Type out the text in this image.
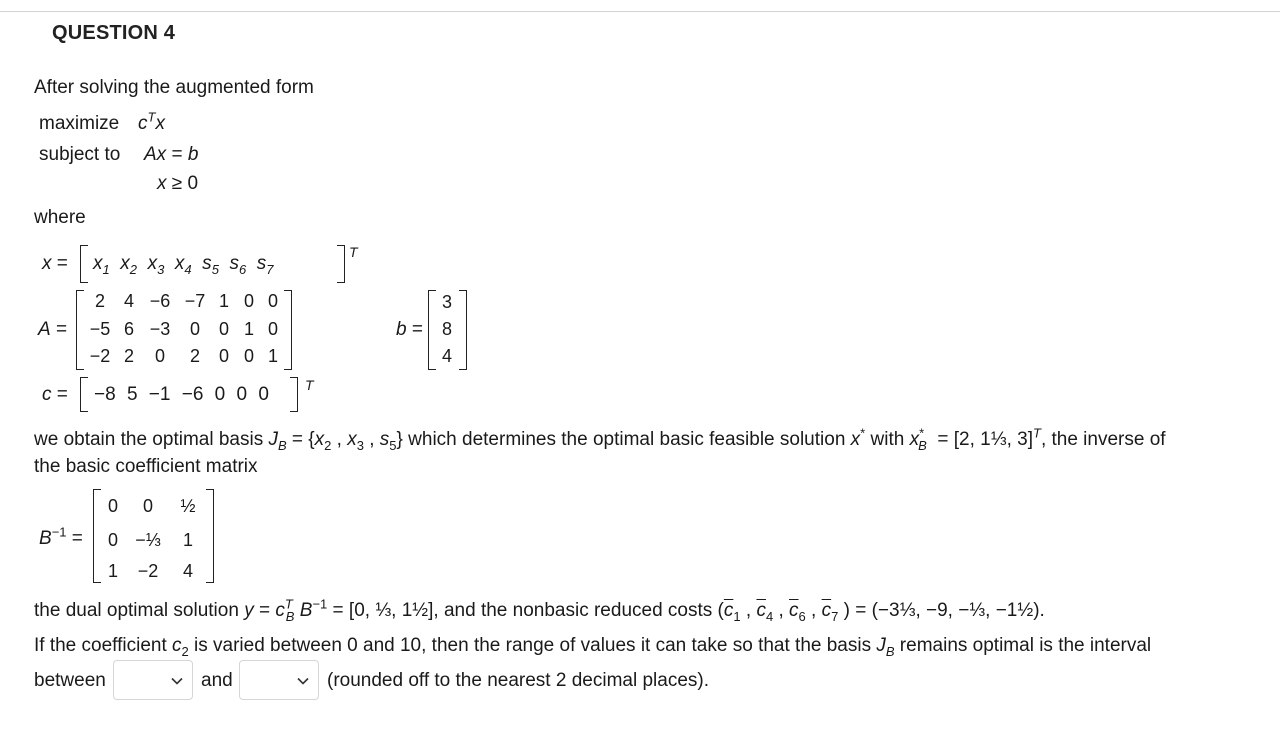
QUESTION 4
After solving the augmented form
maximize $c^Tx$
subject to Ax = b
x ≥ 0
where
$x = x_1$  $x_2$  $x_3$  $x_4$  $s_5$  $s_6$  $s_7$
T
A =
2	4 −6 −7 1 0 0
−5 6 −3	0	0 1 0
−2 2	0	2	0 0 1
b =
3
8
4
c = −8 5 −1 −6 0 0 0	T
we obtain the optimal basis $J_B = \{x_2$ , $x_3$ , $s_5$} which determines the optimal basic feasible solution x* with $x^*_B = [2$, 1⅓, 3]$^T$, the inverse of
the basic coefficient matrix
$B^{-1}$ =
0	0	½
0 −⅓	1
1	−2	4
the dual optimal solution $y = c^T_B$ $B^{-1} = [0$, ⅓, 1½], and the nonbasic reduced costs ($\overline{c}_1$ , $\overline{c}_4$ , $\overline{c}_6$ , $\overline{c}_7$ ) = (−3⅓, −9, −⅓, −1½).
If the coefficient $c_2$ is varied between 0 and 10, then the range of values it can take so that the basis $J_B$ remains optimal is the interval
between	and	(rounded off to the nearest 2 decimal places).
